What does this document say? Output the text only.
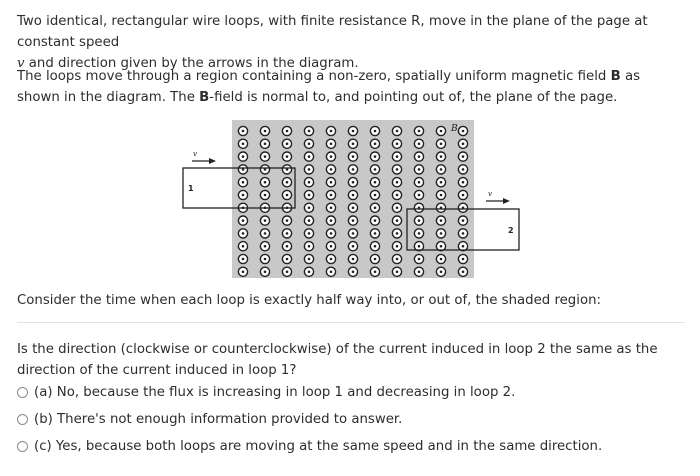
Two identical, rectangular wire loops, with finite resistance R, move in the plane of the page at constant speed
v and direction given by the arrows in the diagram.

The loops move through a region containing a non-zero, spatially uniform magnetic field B as shown in the diagram. The B-field is normal to, and pointing out of, the plane of the page.

B
1
v
2
v

Consider the time when each loop is exactly half way into, or out of, the shaded region:

Is the direction (clockwise or counterclockwise) of the current induced in loop 2 the same as the direction of the current induced in loop 1?

(a) No, because the flux is increasing in loop 1 and decreasing in loop 2.
(b) There's not enough information provided to answer.
(c) Yes, because both loops are moving at the same speed and in the same direction.
